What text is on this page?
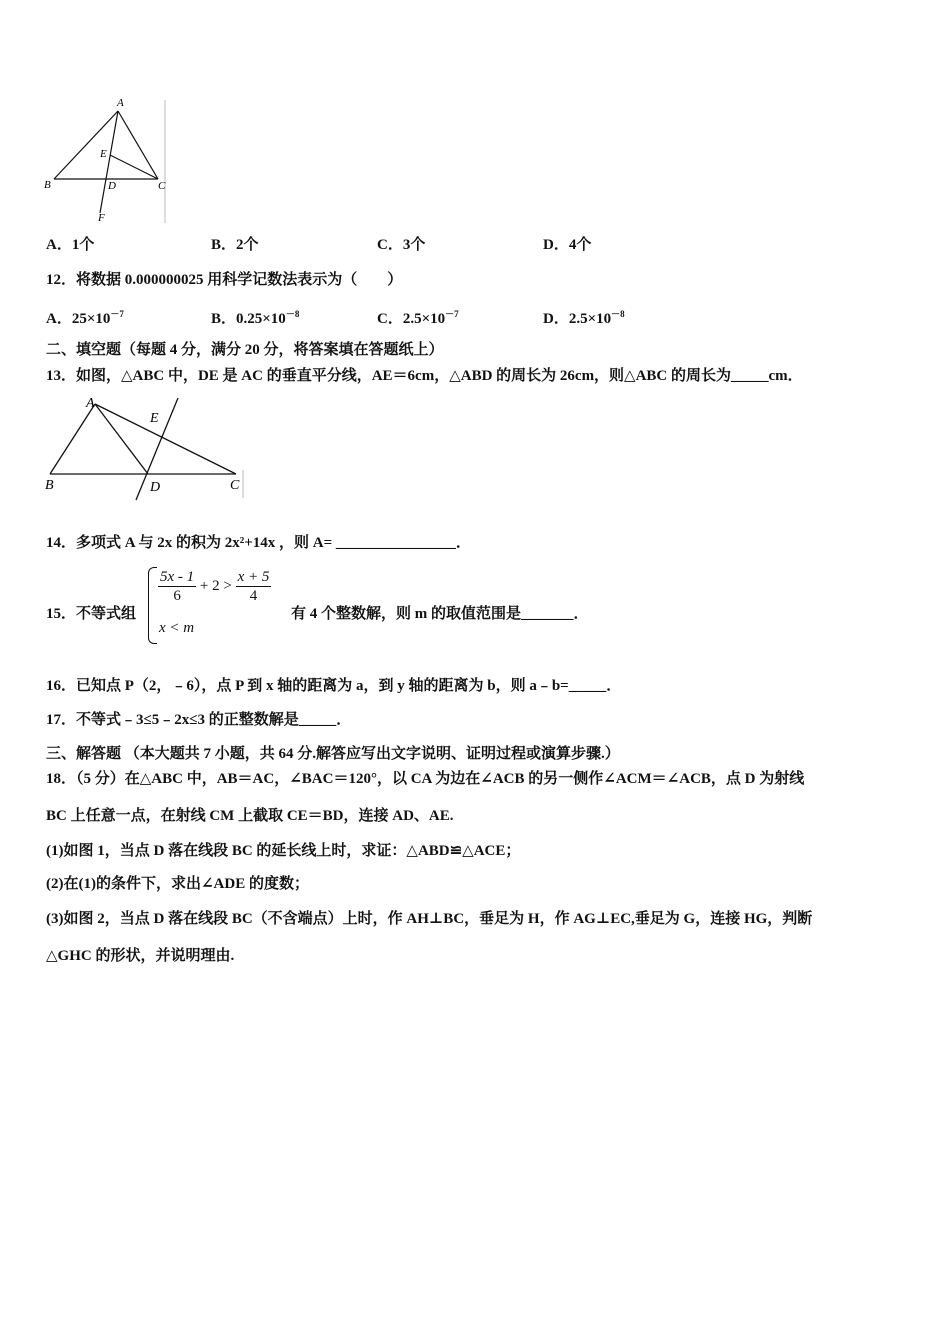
A
E
B	D	C
F
A．1个	B．2个	C．3个	D．4个
12．将数据 0.000000025 用科学记数法表示为（　　）
A．$25\times 10^{-7}$	B．$0.25\times 10^{-8}$	C．$2.5\times 10^{-7}$	D．$2.5\times 10^{-8}$
二、填空题（每题 4 分，满分 20 分，将答案填在答题纸上）
13．如图，△ABC 中，DE 是 AC 的垂直平分线，AE＝6cm，△ABD 的周长为 26cm，则△ABC 的周长为_____cm．
A
E
B	D	C
14．多项式 A 与 2x 的积为 2x²+14x ，则 A= ________________．
15．不等式组
$\frac{5x - 1}{6} + 2 > \frac{x + 5}{4}$
x < m
有 4 个整数解，则 m 的取值范围是_______．
16．已知点 P（2，﹣6），点 P 到 x 轴的距离为 a，到 y 轴的距离为 b，则 a﹣b=_____．
17．不等式﹣3≤5﹣2x≤3 的正整数解是_____．
三、解答题 （本大题共 7 小题，共 64 分.解答应写出文字说明、证明过程或演算步骤.）
18．（5 分）在△ABC 中，AB＝AC，∠BAC＝120°，以 CA 为边在∠ACB 的另一侧作∠ACM＝∠ACB，点 D 为射线
BC 上任意一点，在射线 CM 上截取 CE＝BD，连接 AD、AE.
(1)如图 1，当点 D 落在线段 BC 的延长线上时，求证：△ABD≌△ACE；
(2)在(1)的条件下，求出∠ADE 的度数；
(3)如图 2，当点 D 落在线段 BC（不含端点）上时，作 AH⊥BC，垂足为 H，作 AG⊥EC,垂足为 G，连接 HG，判断
△GHC 的形状，并说明理由.
